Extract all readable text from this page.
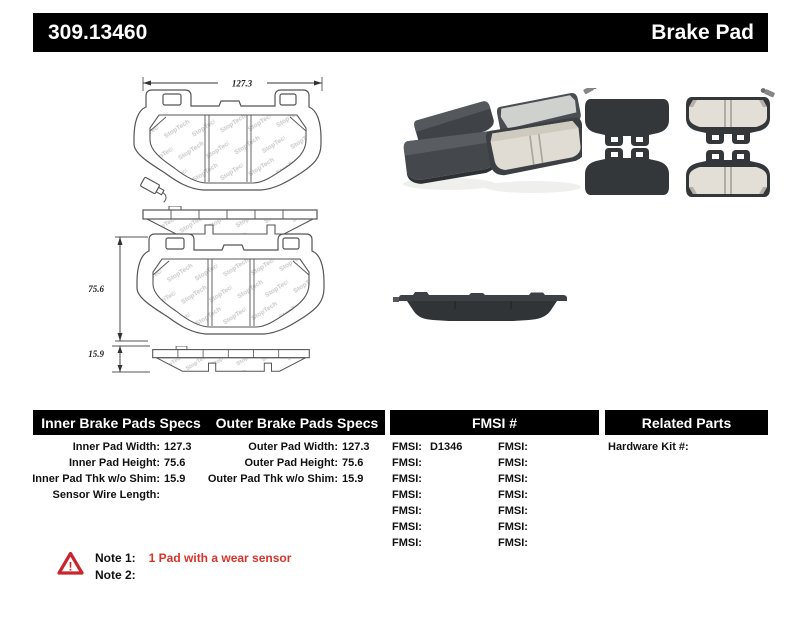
309.13460	Brake Pad
127.3
75.6
15.9
Inner Brake Pads Specs	Outer Brake Pads Specs	FMSI #	Related Parts
Inner Pad Width: 127.3
Inner Pad Height: 75.6
Inner Pad Thk w/o Shim: 15.9
Sensor Wire Length:
Outer Pad Width: 127.3
Outer Pad Height: 75.6
Outer Pad Thk w/o Shim: 15.9
FMSI: D1346
FMSI:
FMSI:
FMSI:
FMSI:
FMSI:
FMSI:
FMSI:
FMSI:
FMSI:
FMSI:
FMSI:
FMSI:
FMSI:
Hardware Kit #:
!
Note 1: 1 Pad with a wear sensor
Note 2:
